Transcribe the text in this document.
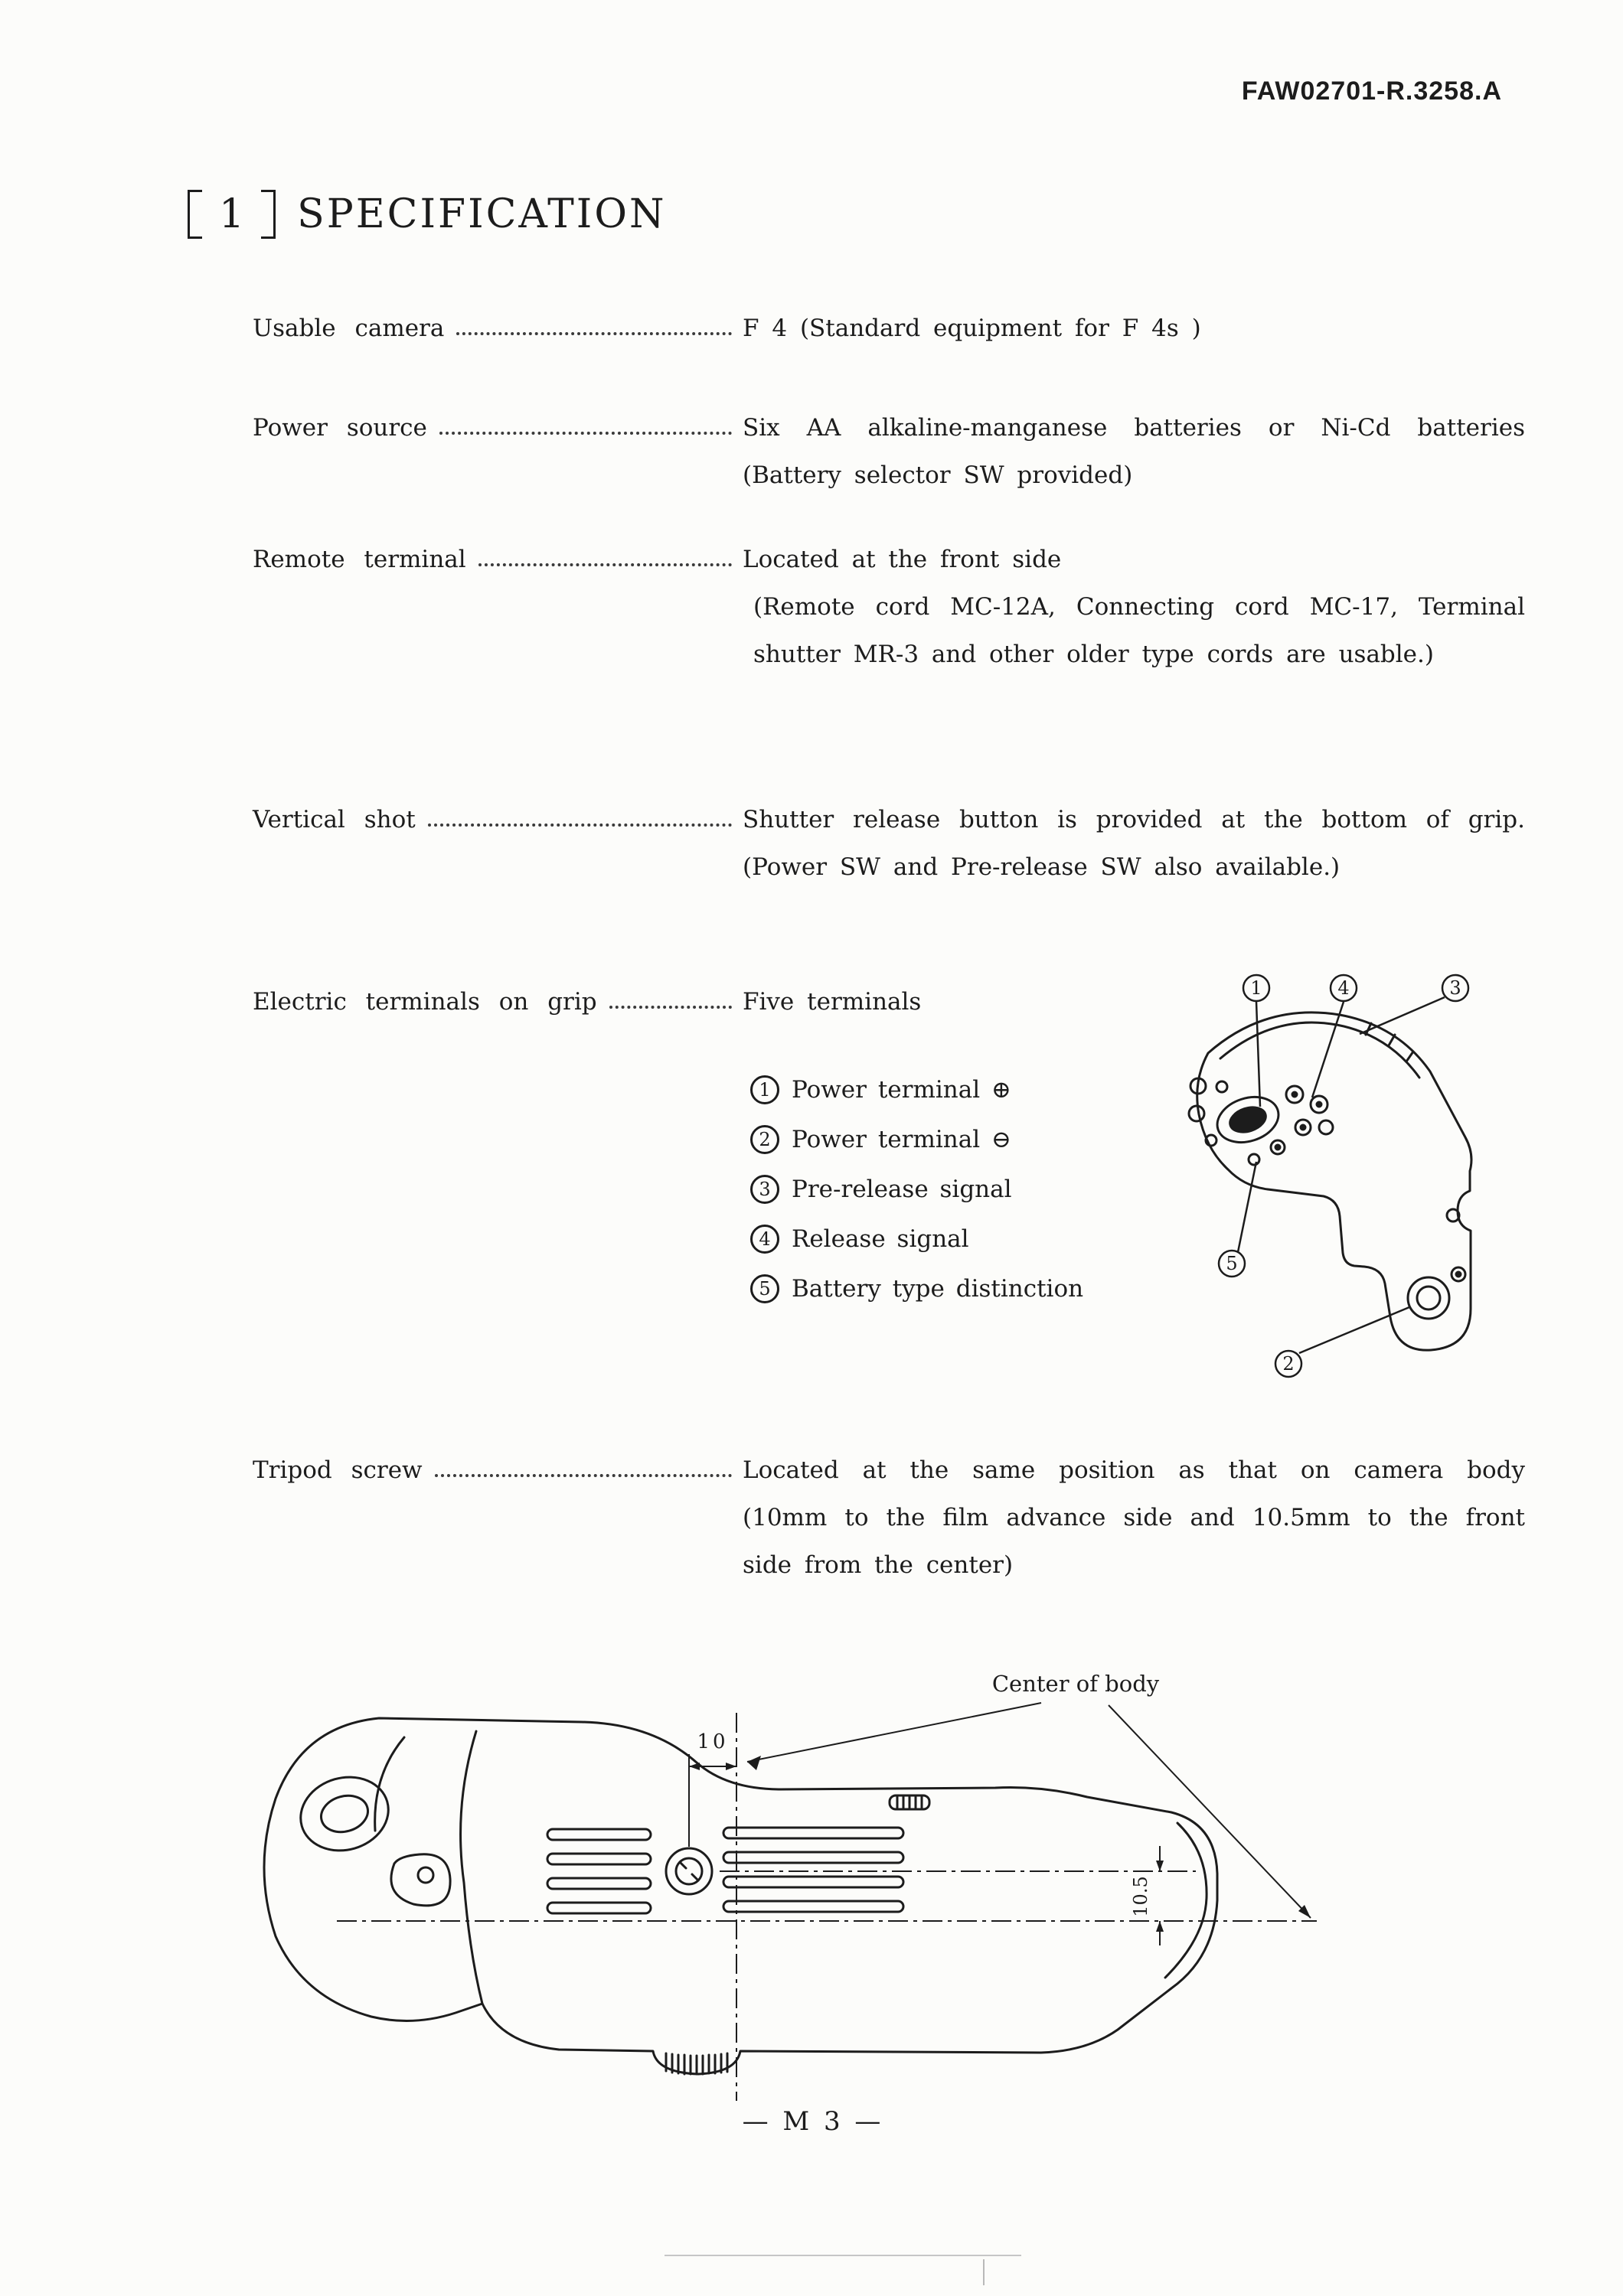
FAW02701-R.3258.A
1 SPECIFICATION
Usable camera	F 4 (Standard equipment for F 4s )
Power source	Six AA alkaline-manganese batteries or Ni-Cd batteries (Battery selector SW provided)
Remote terminal	Located at the front side
(Remote cord MC-12A, Connecting cord MC-17, Terminal shutter MR-3 and other older type cords are usable.)
Vertical shot	Shutter release button is provided at the bottom of grip. (Power SW and Pre-release SW also available.)
Electric terminals on grip	Five terminals
1 Power terminal ⊕
2 Power terminal ⊖
3 Pre-release signal
4 Release signal
5 Battery type distinction
1	4	3
5
2
Tripod screw	Located at the same position as that on camera body (10mm to the film advance side and 10.5mm to the front side from the center)
10
10.5
Center of body
— M 3 —
